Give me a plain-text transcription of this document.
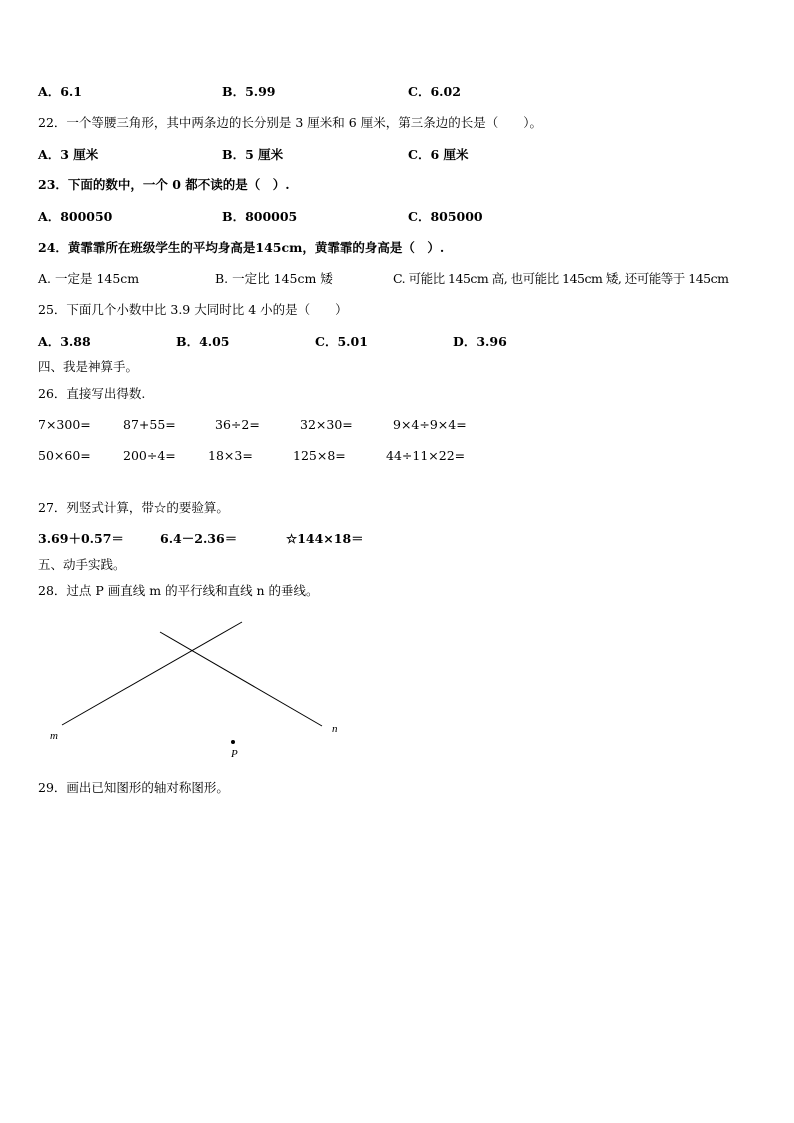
A．6.1	B．5.99	C．6.02
22．一个等腰三角形，其中两条边的长分别是 3 厘米和 6 厘米，第三条边的长是（　　）。
A．3 厘米	B．5 厘米	C．6 厘米
23．下面的数中，一个 0 都不读的是（　）.
A．800050	B．800005	C．805000
24．黄霏霏所在班级学生的平均身高是145cm，黄霏霏的身高是（　）.
A. 一定是 145cm	B. 一定比 145cm 矮	C. 可能比 145cm 高, 也可能比 145cm 矮, 还可能等于 145cm
25．下面几个小数中比 3.9 大同时比 4 小的是（　　）
A．3.88	B．4.05	C．5.01	D．3.96
四、我是神算手。
26．直接写出得数.
7×300=	87+55=	36÷2=	32×30=	9×4÷9×4=
50×60=	200÷4=	18×3=	125×8=	44÷11×22=
27．列竖式计算，带☆的要验算。
3.69＋0.57＝	6.4－2.36＝	☆144×18＝
五、动手实践。
28．过点 P 画直线 m 的平行线和直线 n 的垂线。
m
n
P
29．画出已知图形的轴对称图形。
